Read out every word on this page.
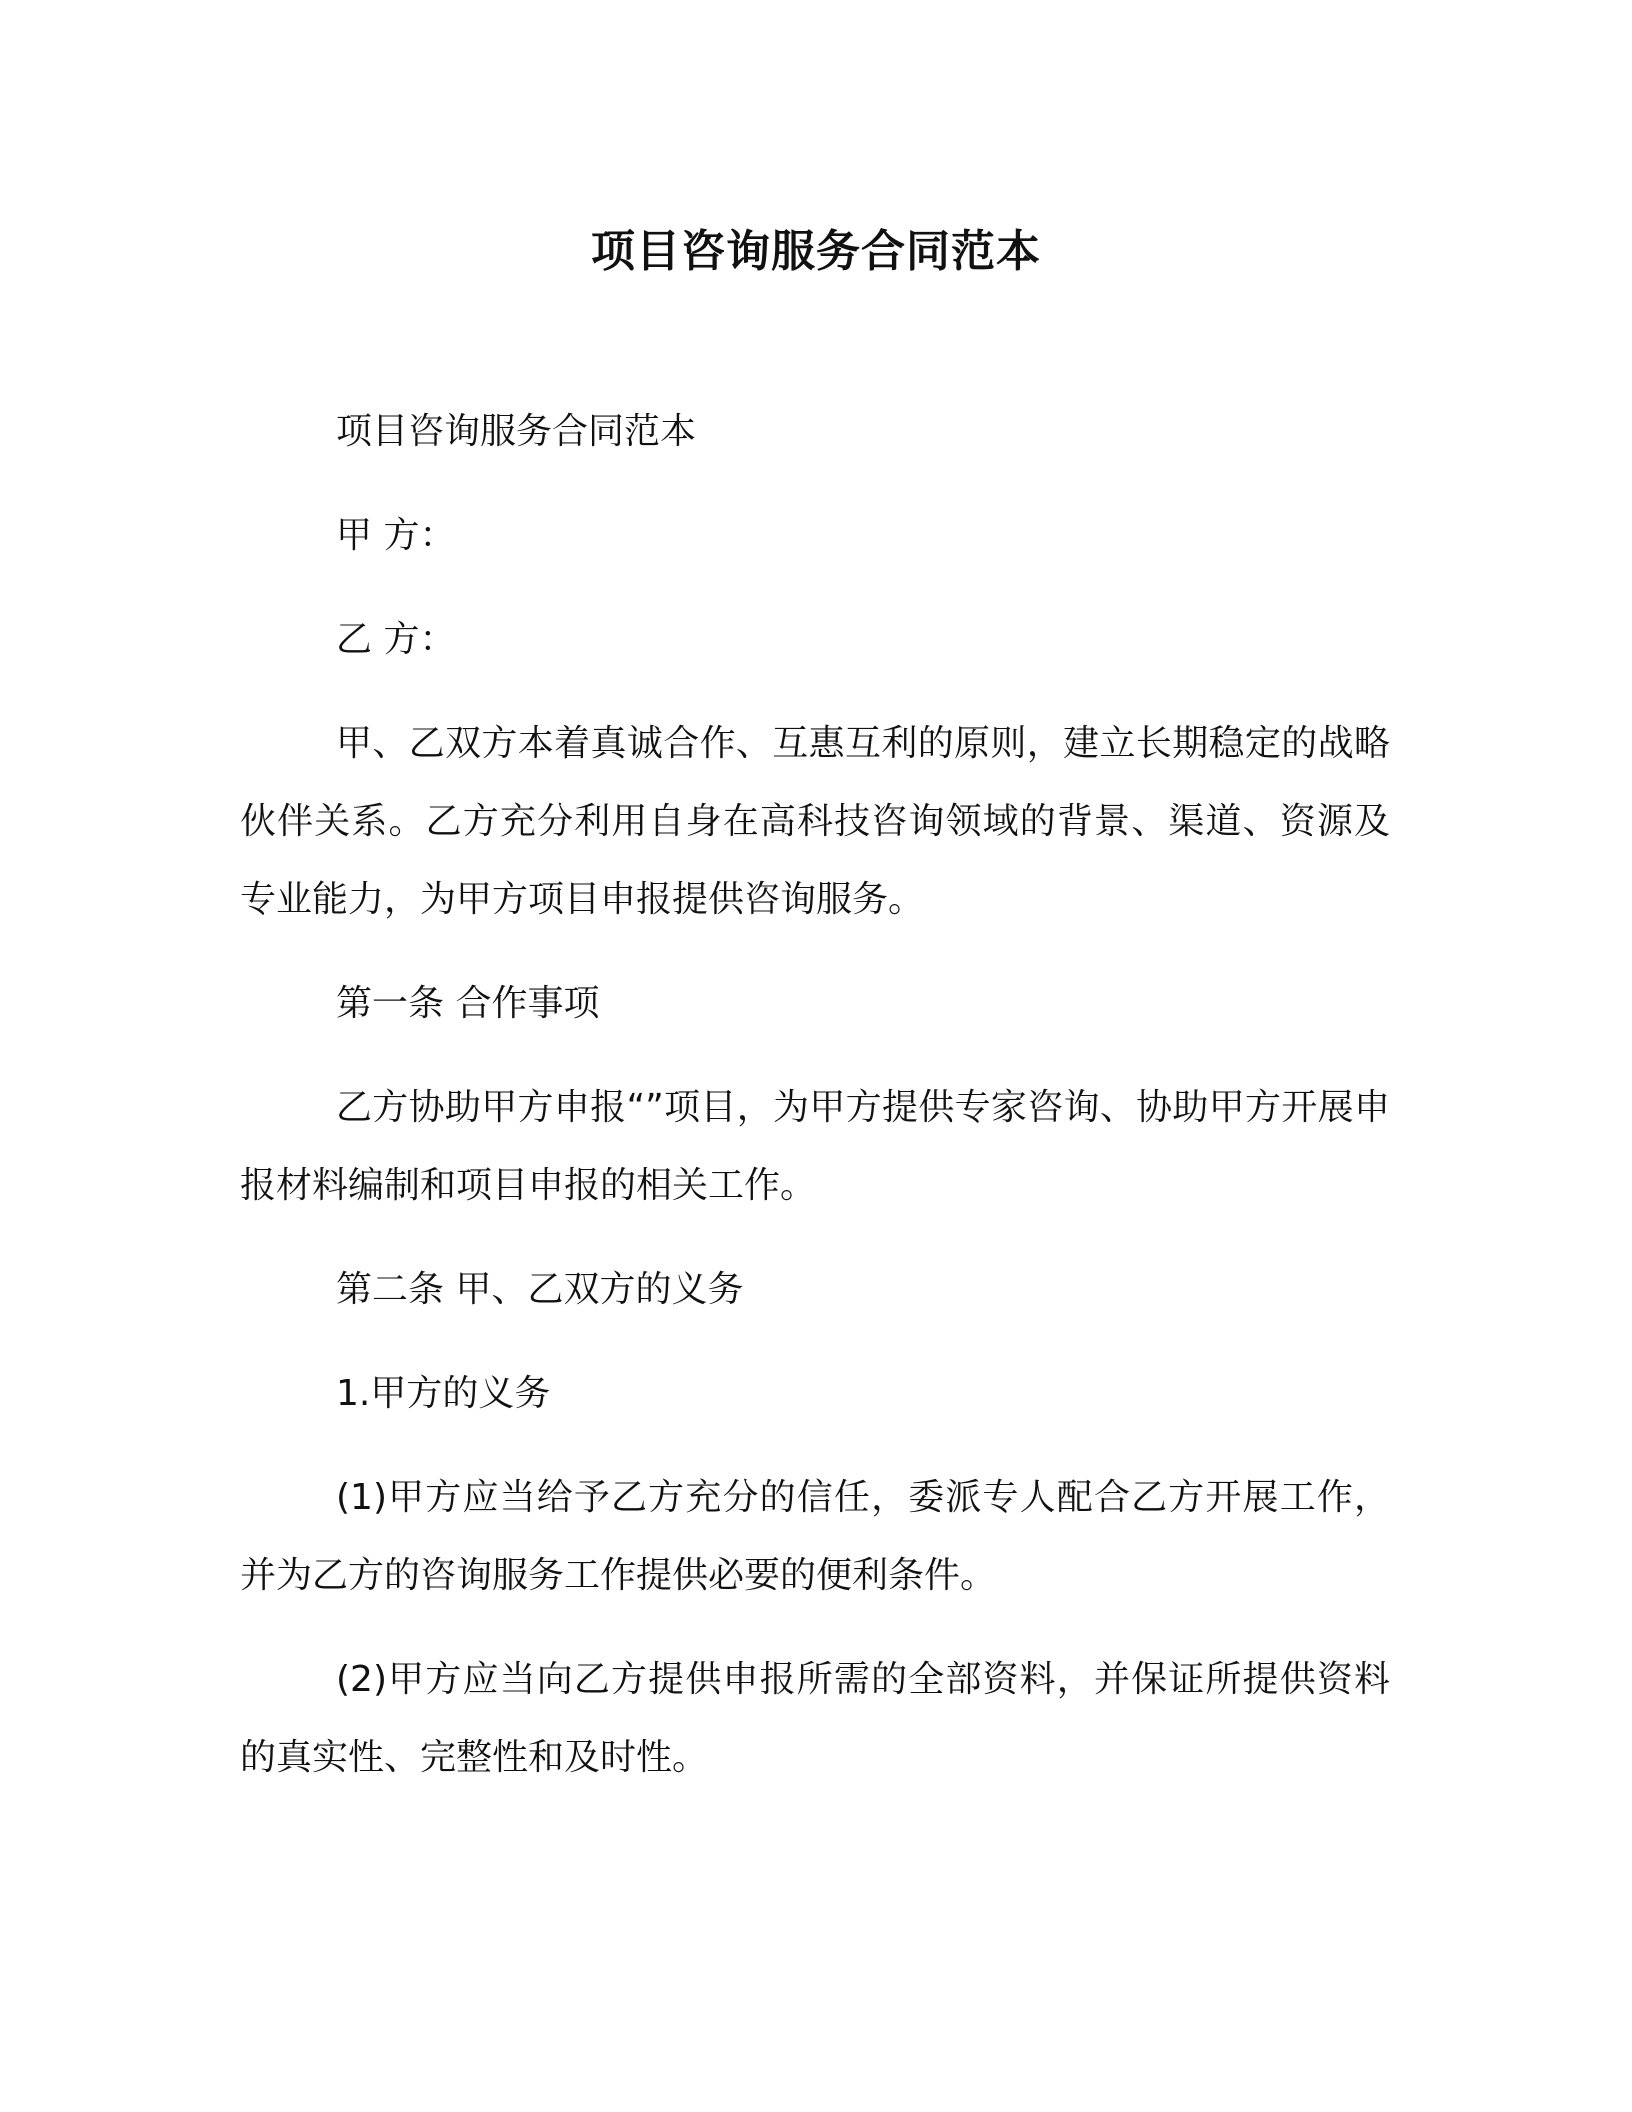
项目咨询服务合同范本

项目咨询服务合同范本

甲 方：

乙 方：

甲、乙双方本着真诚合作、互惠互利的原则，建立长期稳定的战略伙伴关系。乙方充分利用自身在高科技咨询领域的背景、渠道、资源及专业能力，为甲方项目申报提供咨询服务。

第一条 合作事项

乙方协助甲方申报“”项目，为甲方提供专家咨询、协助甲方开展申报材料编制和项目申报的相关工作。

第二条 甲、乙双方的义务

1.甲方的义务

(1)甲方应当给予乙方充分的信任，委派专人配合乙方开展工作，并为乙方的咨询服务工作提供必要的便利条件。

(2)甲方应当向乙方提供申报所需的全部资料，并保证所提供资料的真实性、完整性和及时性。
